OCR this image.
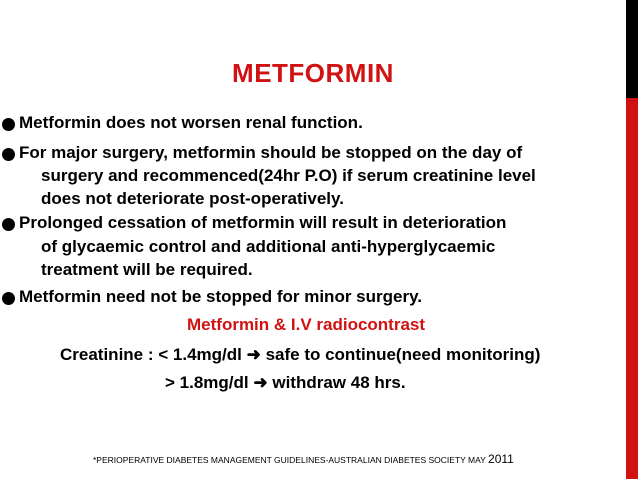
METFORMIN
Metformin does not worsen renal function.
For major surgery, metformin should be stopped on the day of
surgery and recommenced(24hr P.O) if serum creatinine level
does not deteriorate post-operatively.
Prolonged cessation of metformin will result in deterioration
of glycaemic control and additional anti-hyperglycaemic
treatment will be required.
Metformin need not be stopped for minor surgery.
Metformin & I.V radiocontrast
Creatinine : < 1.4mg/dl ➜ safe to continue(need monitoring)
> 1.8mg/dl ➜ withdraw 48 hrs.
*PERIOPERATIVE DIABETES MANAGEMENT GUIDELINES-AUSTRALIAN DIABETES SOCIETY MAY 2011
